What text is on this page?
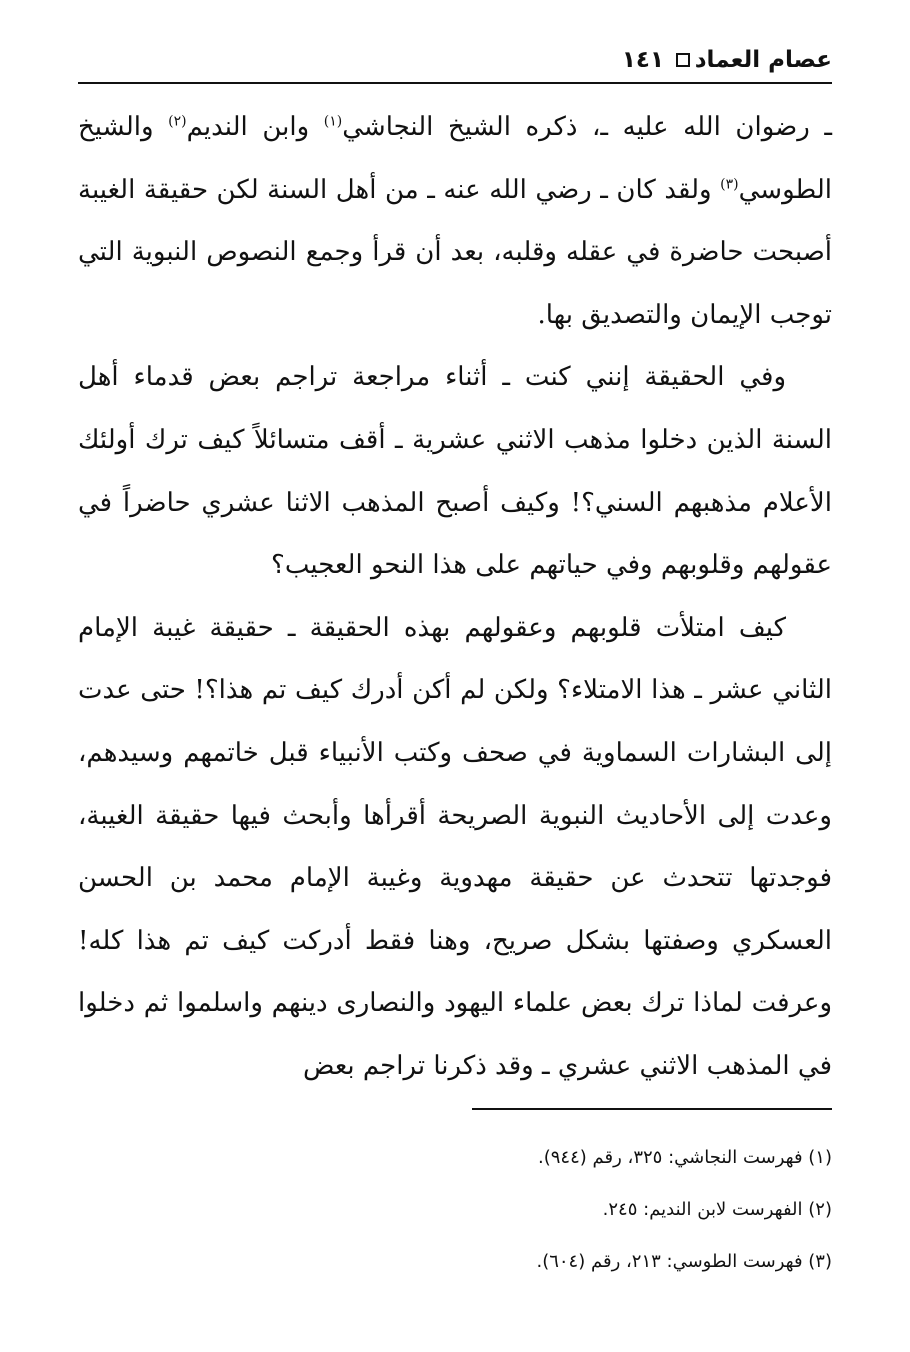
عصام العماد
١٤١

ـ رضوان الله عليه ـ، ذكره الشيخ النجاشي$^{(١)}$ وابن النديم$^{(٢)}$ والشيخ الطوسي$^{(٣)}$ ولقد كان ـ رضي الله عنه ـ من أهل السنة لكن حقيقة الغيبة أصبحت حاضرة في عقله وقلبه، بعد أن قرأ وجمع النصوص النبوية التي توجب الإيمان والتصديق بها.

وفي الحقيقة إنني كنت ـ أثناء مراجعة تراجم بعض قدماء أهل السنة الذين دخلوا مذهب الاثني عشرية ـ أقف متسائلاً كيف ترك أولئك الأعلام مذهبهم السني؟! وكيف أصبح المذهب الاثنا عشري حاضراً في عقولهم وقلوبهم وفي حياتهم على هذا النحو العجيب؟

كيف امتلأت قلوبهم وعقولهم بهذه الحقيقة ـ حقيقة غيبة الإمام الثاني عشر ـ هذا الامتلاء؟ ولكن لم أكن أدرك كيف تم هذا؟! حتى عدت إلى البشارات السماوية في صحف وكتب الأنبياء قبل خاتمهم وسيدهم، وعدت إلى الأحاديث النبوية الصريحة أقرأها وأبحث فيها حقيقة الغيبة، فوجدتها تتحدث عن حقيقة مهدوية وغيبة الإمام محمد بن الحسن العسكري وصفتها بشكل صريح، وهنا فقط أدركت كيف تم هذا كله! وعرفت لماذا ترك بعض علماء اليهود والنصارى دينهم واسلموا ثم دخلوا في المذهب الاثني عشري ـ وقد ذكرنا تراجم بعض

(١) فهرست النجاشي: ٣٢٥، رقم (٩٤٤).

(٢) الفهرست لابن النديم: ٢٤٥.

(٣) فهرست الطوسي: ٢١٣، رقم (٦٠٤).
